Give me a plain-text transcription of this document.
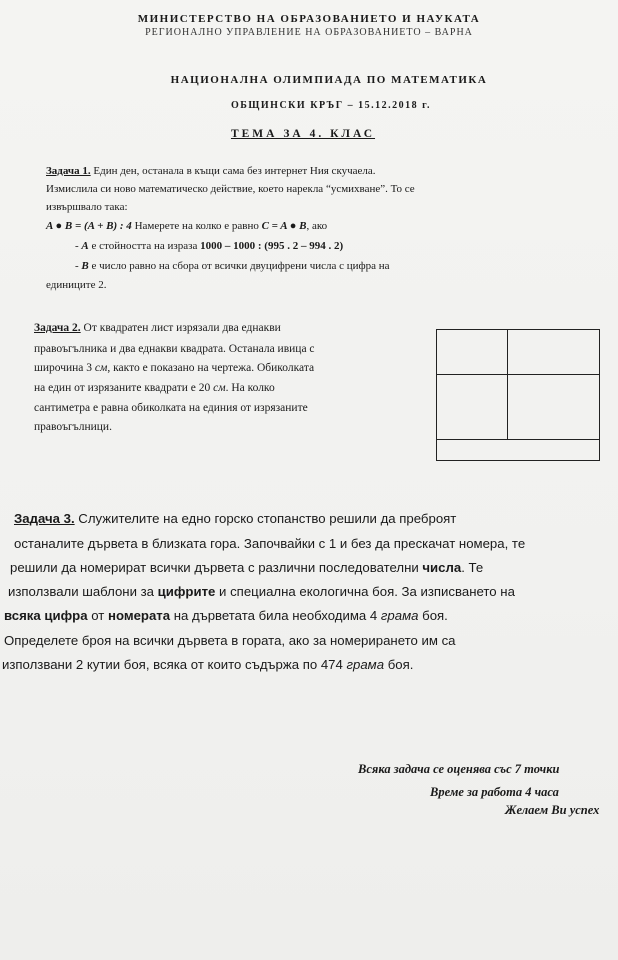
МИНИСТЕРСТВО НА ОБРАЗОВАНИЕТО И НАУКАТА
РЕГИОНАЛНО УПРАВЛЕНИЕ НА ОБРАЗОВАНИЕТО – ВАРНА
НАЦИОНАЛНА ОЛИМПИАДА ПО МАТЕМАТИКА
ОБЩИНСКИ КРЪГ – 15.12.2018 г.
ТЕМА ЗА 4. КЛАС
Задача 1. Един ден, останала в къщи сама без интернет Ния скучаела.
Измислила си ново математическо действие, което нарекла “усмихване”. То се
извършвало така:
A ● B = (A + B) : 4 Намерете на колко е равно C = A ● B, ако
- A е стойността на израза 1000 – 1000 : (995 . 2 – 994 . 2)
- B е число равно на сбора от всички двуцифрени числа с цифра на
единиците 2.
Задача 2. От квадратен лист изрязали два еднакви
правоъгълника и два еднакви квадрата. Останала ивица с
широчина 3 см, както е показано на чертежа. Обиколката
на един от изрязаните квадрати е 20 см. На колко
сантиметра е равна обиколката на единия от изрязаните
правоъгълници.
Задача 3. Служителите на едно горско стопанство решили да преброят
останалите дървета в близката гора. Започвайки с 1 и без да прескачат номера, те
решили да номерират всички дървета с различни последователни числа. Те
използвали шаблони за цифрите и специална екологична боя. За изписването на
всяка цифра от номерата на дърветата била необходима 4 грама боя.
Определете броя на всички дървета в гората, ако за номерирането им са
използвани 2 кутии боя, всяка от които съдържа по 474 грама боя.
Всяка задача се оценява със 7 точки
Време за работа 4 часа
Желаем Ви успех
